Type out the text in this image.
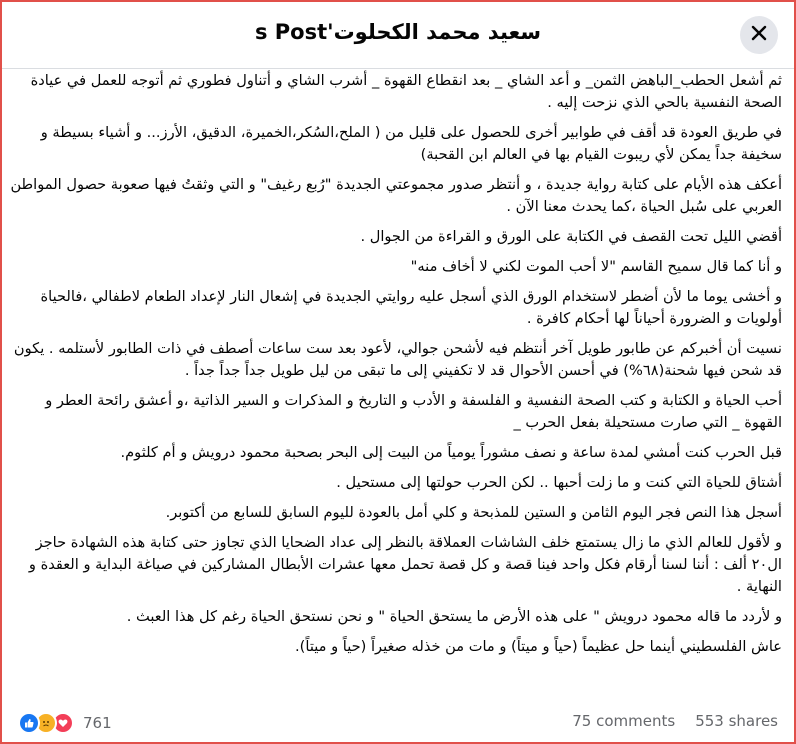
سعيد محمد الكحلوت's Post

ثم أشعل الحطب_الباهض الثمن_ و أعد الشاي _ بعد انقطاع القهوة _ أشرب الشاي و أتناول فطوري ثم أتوجه للعمل في عيادة الصحة النفسية بالحي الذي نزحت إليه .

في طريق العودة قد أقف في طوابير أخرى للحصول على قليل من ( الملح،السُكر،الخميرة، الدقيق، الأرز... و أشياء بسيطة و سخيفة جداً يمكن لأي ريبوت القيام بها في العالم ابن القحبة)

أعكف هذه الأيام على كتابة رواية جديدة ، و أنتظر صدور مجموعتي الجديدة "رُبع رغيف" و التي وثقتُ فيها صعوبة حصول المواطن العربي على سُبل الحياة ،كما يحدث معنا الآن .

أقضي الليل تحت القصف في الكتابة على الورق و القراءة من الجوال .

و أنا كما قال سميح القاسم "لا أحب الموت لكني لا أخاف منه"

و أخشى يوما ما لأن أضطر لاستخدام الورق الذي أسجل عليه روايتي الجديدة في إشعال النار لإعداد الطعام لاطفالي ،فالحياة أولويات و الضرورة أحياناً لها أحكام كافرة .

نسيت أن أخبركم عن طابور طويل آخر أنتظم فيه لأشحن جوالي، لأعود بعد ست ساعات أصطف في ذات الطابور لأستلمه . يكون قد شحن فيها شحنة(٦٨%) في أحسن الأحوال قد لا تكفيني إلى ما تبقى من ليل طويل جداً جداً جداً .

أحب الحياة و الكتابة و كتب الصحة النفسية و الفلسفة و الأدب و التاريخ و المذكرات و السير الذاتية ،و أعشق رائحة العطر و القهوة _ التي صارت مستحيلة بفعل الحرب _

قبل الحرب كنت أمشي لمدة ساعة و نصف مشوراً يومياً من البيت إلى البحر بصحبة محمود درويش و أم كلثوم.

أشتاق للحياة التي كنت و ما زلت أحبها .. لكن الحرب حولتها إلى مستحيل .

أسجل هذا النص فجر اليوم الثامن و الستين للمذبحة و كلي أمل بالعودة لليوم السابق للسابع من أكتوبر.

و لأقول للعالم الذي ما زال يستمتع خلف الشاشات العملاقة بالنظر إلى عداد الضحايا الذي تجاوز حتى كتابة هذه الشهادة حاجز ال٢٠ ألف : أننا لسنا أرقام فكل واحد فينا قصة و كل قصة تحمل معها عشرات الأبطال المشاركين في صياغة البداية و العقدة و النهاية .

و لأردد ما قاله محمود درويش " على هذه الأرض ما يستحق الحياة " و نحن نستحق الحياة رغم كل هذا العبث .

عاش الفلسطيني أينما حل عظيماً (حياً و ميتاً) و مات من خذله صغيراً (حياً و ميتاً).

761	75 comments 553 shares
